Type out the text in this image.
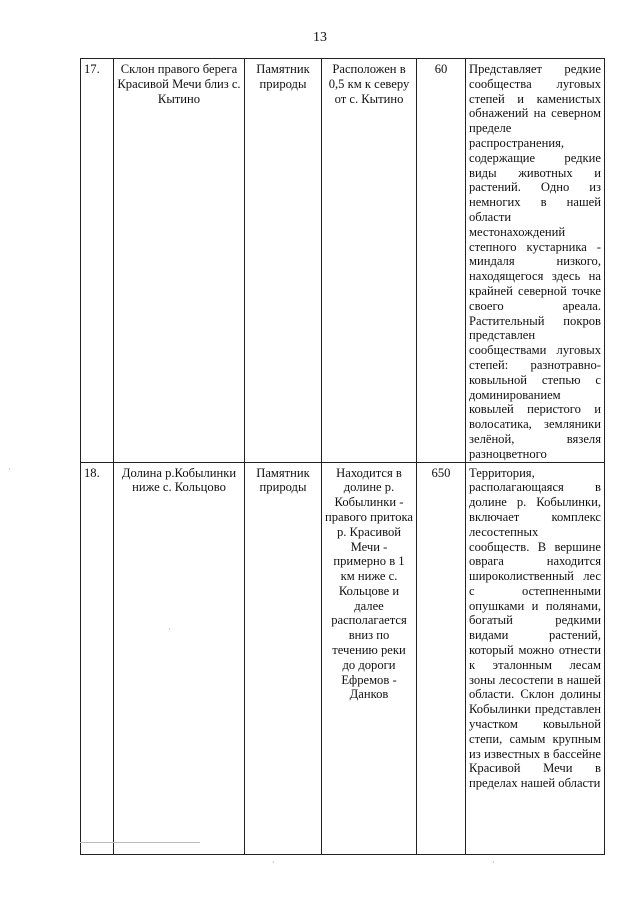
13
17.	Склон правого берега Красивой Мечи близ с. Кытино	Памятник природы	Расположен в 0,5 км к северу от с. Кытино	60	Представляет редкие сообщества луговых степей и каменистых обнажений на северном пределе распространения, содержащие редкие виды животных и растений. Одно из немногих в нашей области местонахождений степного кустарника - миндаля низкого, находящегося здесь на крайней северной точке своего ареала. Растительный покров представлен сообществами луговых степей: разнотравно-ковыльной степью с доминированием ковылей перистого и волосатика, земляники зелёной, вязеля разноцветного
18.	Долина р.Кобылинки ниже с. Кольцово	Памятник природы	Находится в долине р. Кобылинки - правого притока р. Красивой Мечи - примерно в 1 км ниже с. Кольцове и далее располагается вниз по течению реки до дороги Ефремов - Данков	650	Территория, располагающаяся в долине р. Кобылинки, включает комплекс лесостепных сообществ. В вершине оврага находится широколиственный лес с остепненными опушками и полянами, богатый редкими видами растений, который можно отнести к эталонным лесам зоны лесостепи в нашей области. Склон долины Кобылинки представлен участком ковыльной степи, самым крупным из известных в бассейне Красивой Мечи в пределах нашей области
·
·
·	·
